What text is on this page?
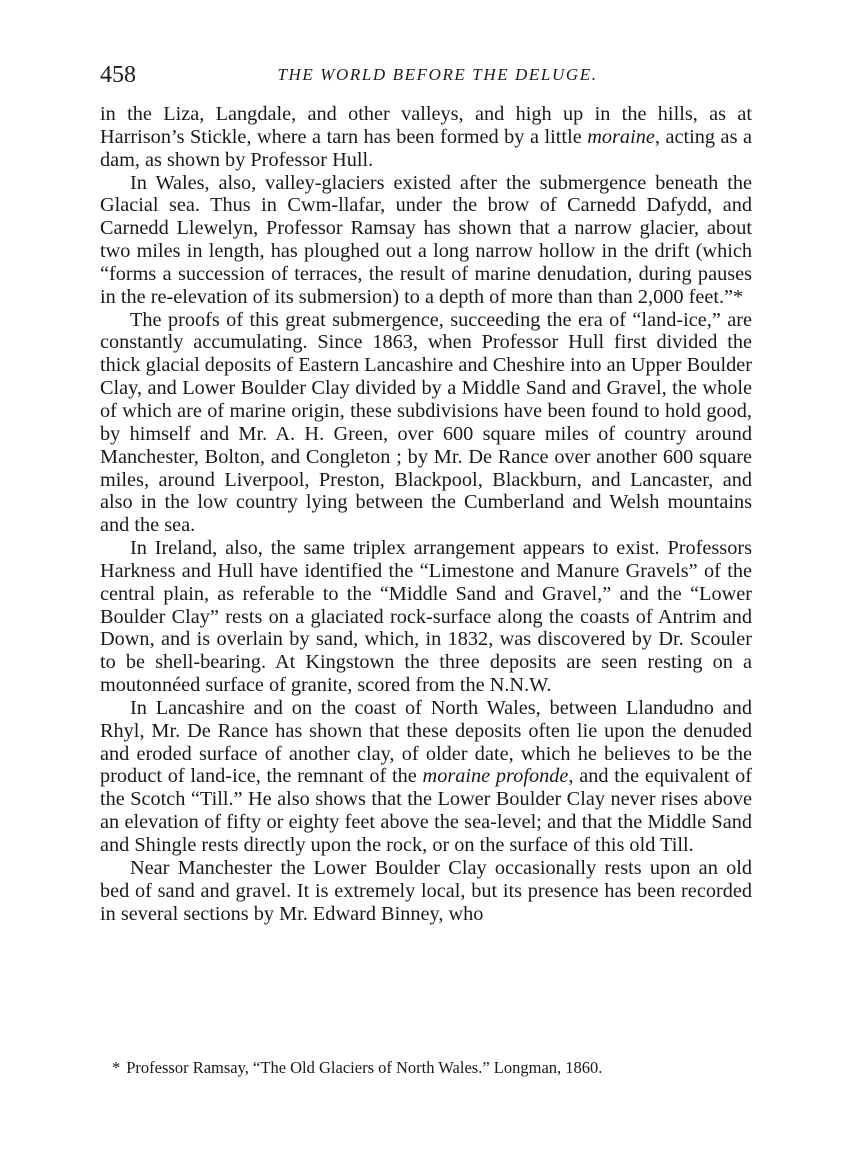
458	THE WORLD BEFORE THE DELUGE.

in the Liza, Langdale, and other valleys, and high up in the hills, as at Harrison’s Stickle, where a tarn has been formed by a little moraine, acting as a dam, as shown by Professor Hull.

In Wales, also, valley-glaciers existed after the submergence beneath the Glacial sea. Thus in Cwm-llafar, under the brow of Carnedd Dafydd, and Carnedd Llewelyn, Professor Ramsay has shown that a narrow glacier, about two miles in length, has ploughed out a long narrow hollow in the drift (which “forms a succession of terraces, the result of marine denudation, during pauses in the re-elevation of its submersion) to a depth of more than than 2,000 feet.”*

The proofs of this great submergence, succeeding the era of “land-ice,” are constantly accumulating. Since 1863, when Professor Hull first divided the thick glacial deposits of Eastern Lancashire and Cheshire into an Upper Boulder Clay, and Lower Boulder Clay divided by a Middle Sand and Gravel, the whole of which are of marine origin, these subdivisions have been found to hold good, by himself and Mr. A. H. Green, over 600 square miles of country around Manchester, Bolton, and Congleton ; by Mr. De Rance over another 600 square miles, around Liverpool, Preston, Blackpool, Blackburn, and Lancaster, and also in the low country lying between the Cumberland and Welsh mountains and the sea.

In Ireland, also, the same triplex arrangement appears to exist. Professors Harkness and Hull have identified the “Limestone and Manure Gravels” of the central plain, as referable to the “Middle Sand and Gravel,” and the “Lower Boulder Clay” rests on a glaciated rock-surface along the coasts of Antrim and Down, and is overlain by sand, which, in 1832, was discovered by Dr. Scouler to be shell-bearing. At Kingstown the three deposits are seen resting on a moutonnéed surface of granite, scored from the N.N.W.

In Lancashire and on the coast of North Wales, between Llandudno and Rhyl, Mr. De Rance has shown that these deposits often lie upon the denuded and eroded surface of another clay, of older date, which he believes to be the product of land-ice, the remnant of the moraine profonde, and the equivalent of the Scotch “Till.” He also shows that the Lower Boulder Clay never rises above an elevation of fifty or eighty feet above the sea-level; and that the Middle Sand and Shingle rests directly upon the rock, or on the surface of this old Till.

Near Manchester the Lower Boulder Clay occasionally rests upon an old bed of sand and gravel. It is extremely local, but its presence has been recorded in several sections by Mr. Edward Binney, who

* Professor Ramsay, “The Old Glaciers of North Wales.” Longman, 1860.
